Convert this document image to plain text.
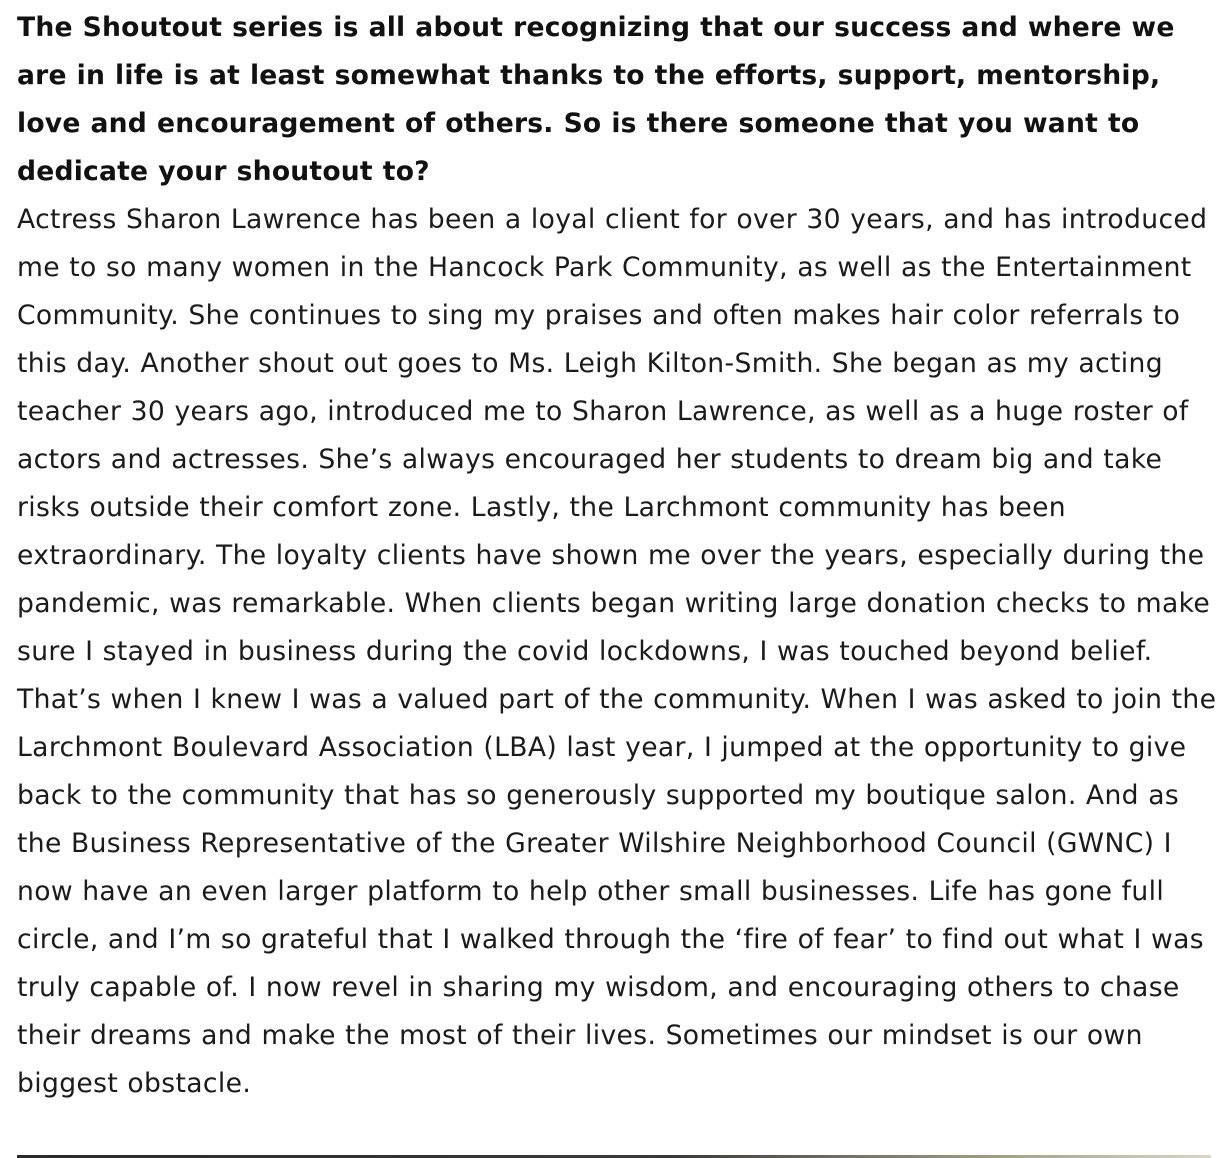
The Shoutout series is all about recognizing that our success and where we are in life is at least somewhat thanks to the efforts, support, mentorship, love and encouragement of others. So is there someone that you want to dedicate your shoutout to?

Actress Sharon Lawrence has been a loyal client for over 30 years, and has introduced me to so many women in the Hancock Park Community, as well as the Entertainment Community. She continues to sing my praises and often makes hair color referrals to this day. Another shout out goes to Ms. Leigh Kilton-Smith. She began as my acting teacher 30 years ago, introduced me to Sharon Lawrence, as well as a huge roster of actors and actresses. She’s always encouraged her students to dream big and take risks outside their comfort zone. Lastly, the Larchmont community has been extraordinary. The loyalty clients have shown me over the years, especially during the pandemic, was remarkable. When clients began writing large donation checks to make sure I stayed in business during the covid lockdowns, I was touched beyond belief. That’s when I knew I was a valued part of the community. When I was asked to join the Larchmont Boulevard Association (LBA) last year, I jumped at the opportunity to give back to the community that has so generously supported my boutique salon. And as the Business Representative of the Greater Wilshire Neighborhood Council (GWNC) I now have an even larger platform to help other small businesses. Life has gone full circle, and I’m so grateful that I walked through the ‘fire of fear’ to find out what I was truly capable of. I now revel in sharing my wisdom, and encouraging others to chase their dreams and make the most of their lives. Sometimes our mindset is our own biggest obstacle.
